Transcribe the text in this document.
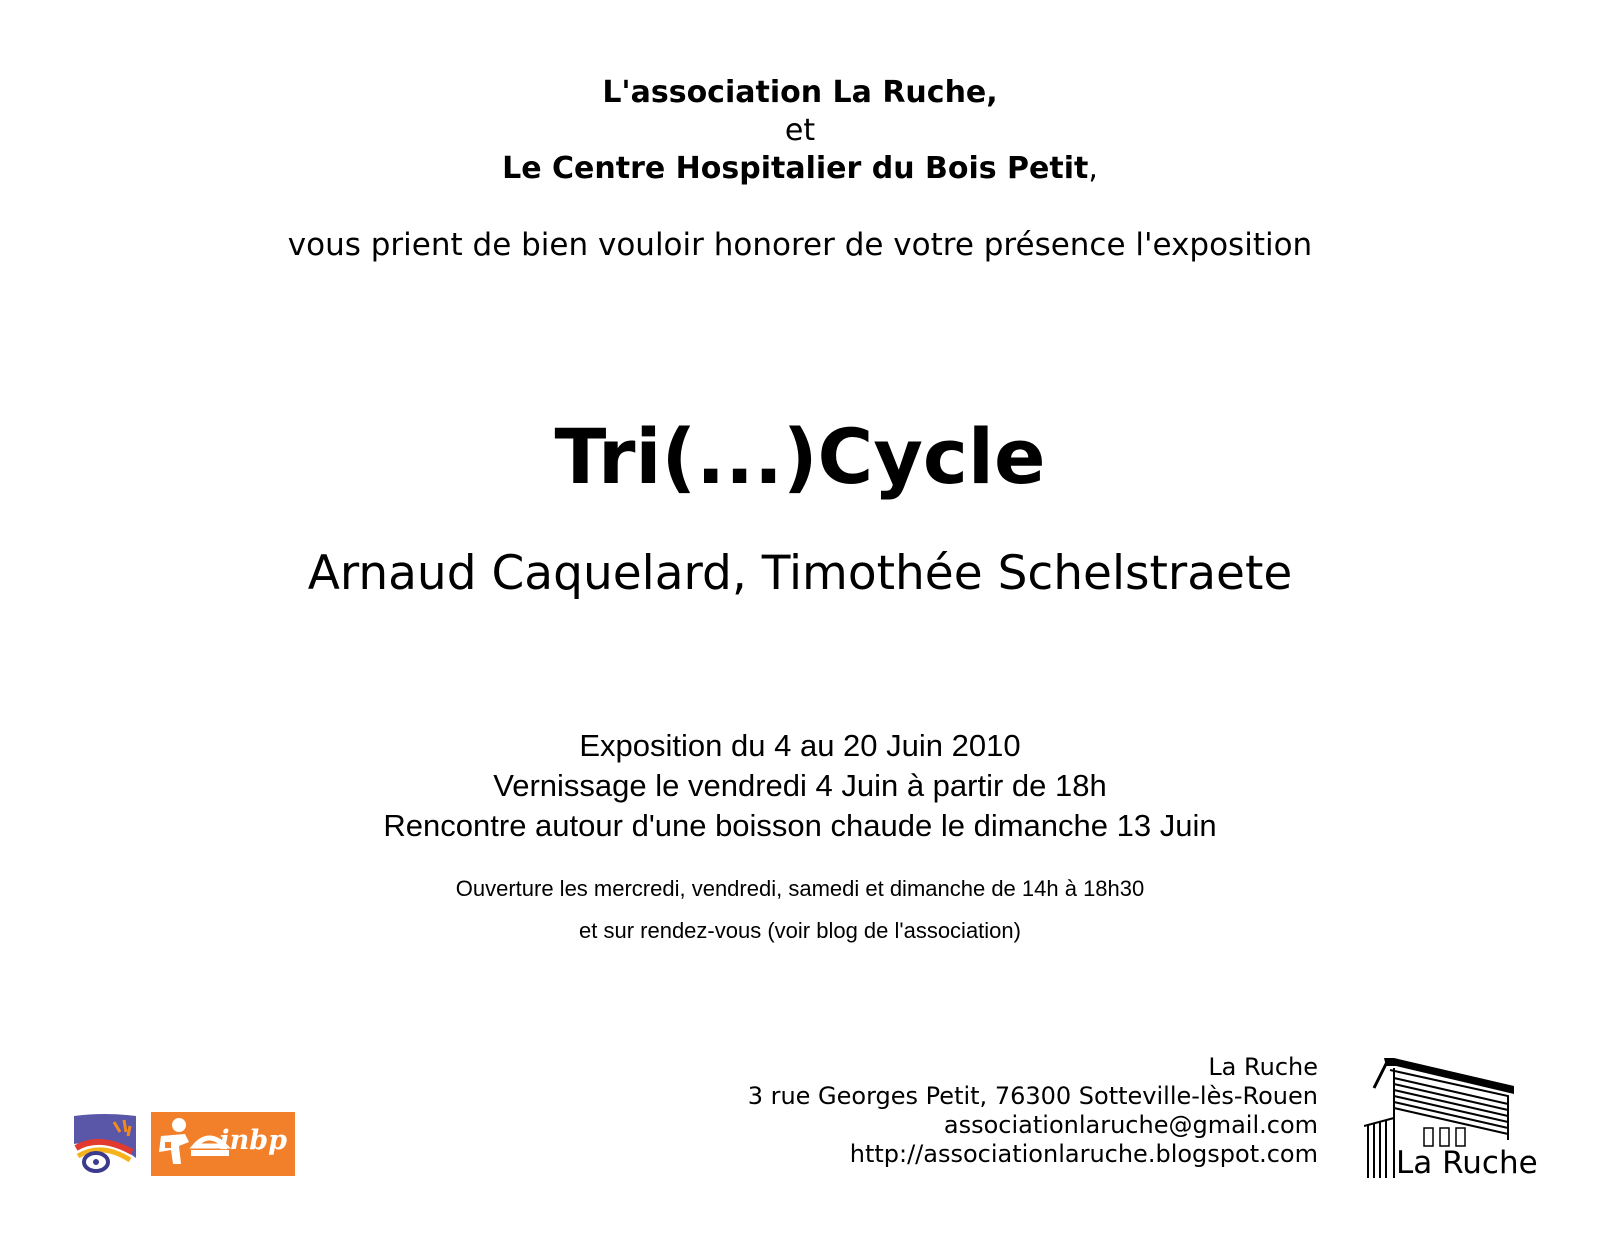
L'association La Ruche,
et
Le Centre Hospitalier du Bois Petit,
vous prient de bien vouloir honorer de votre présence l'exposition
Tri(...)Cycle
Arnaud Caquelard, Timothée Schelstraete
Exposition du 4 au 20 Juin 2010
Vernissage le vendredi 4 Juin à partir de 18h
Rencontre autour d'une boisson chaude le dimanche 13 Juin
Ouverture les mercredi, vendredi, samedi et dimanche de 14h à 18h30
et sur rendez-vous (voir blog de l'association)
La Ruche
3 rue Georges Petit, 76300 Sotteville-lès-Rouen
associationlaruche@gmail.com
http://associationlaruche.blogspot.com
inbp
La Ruche
